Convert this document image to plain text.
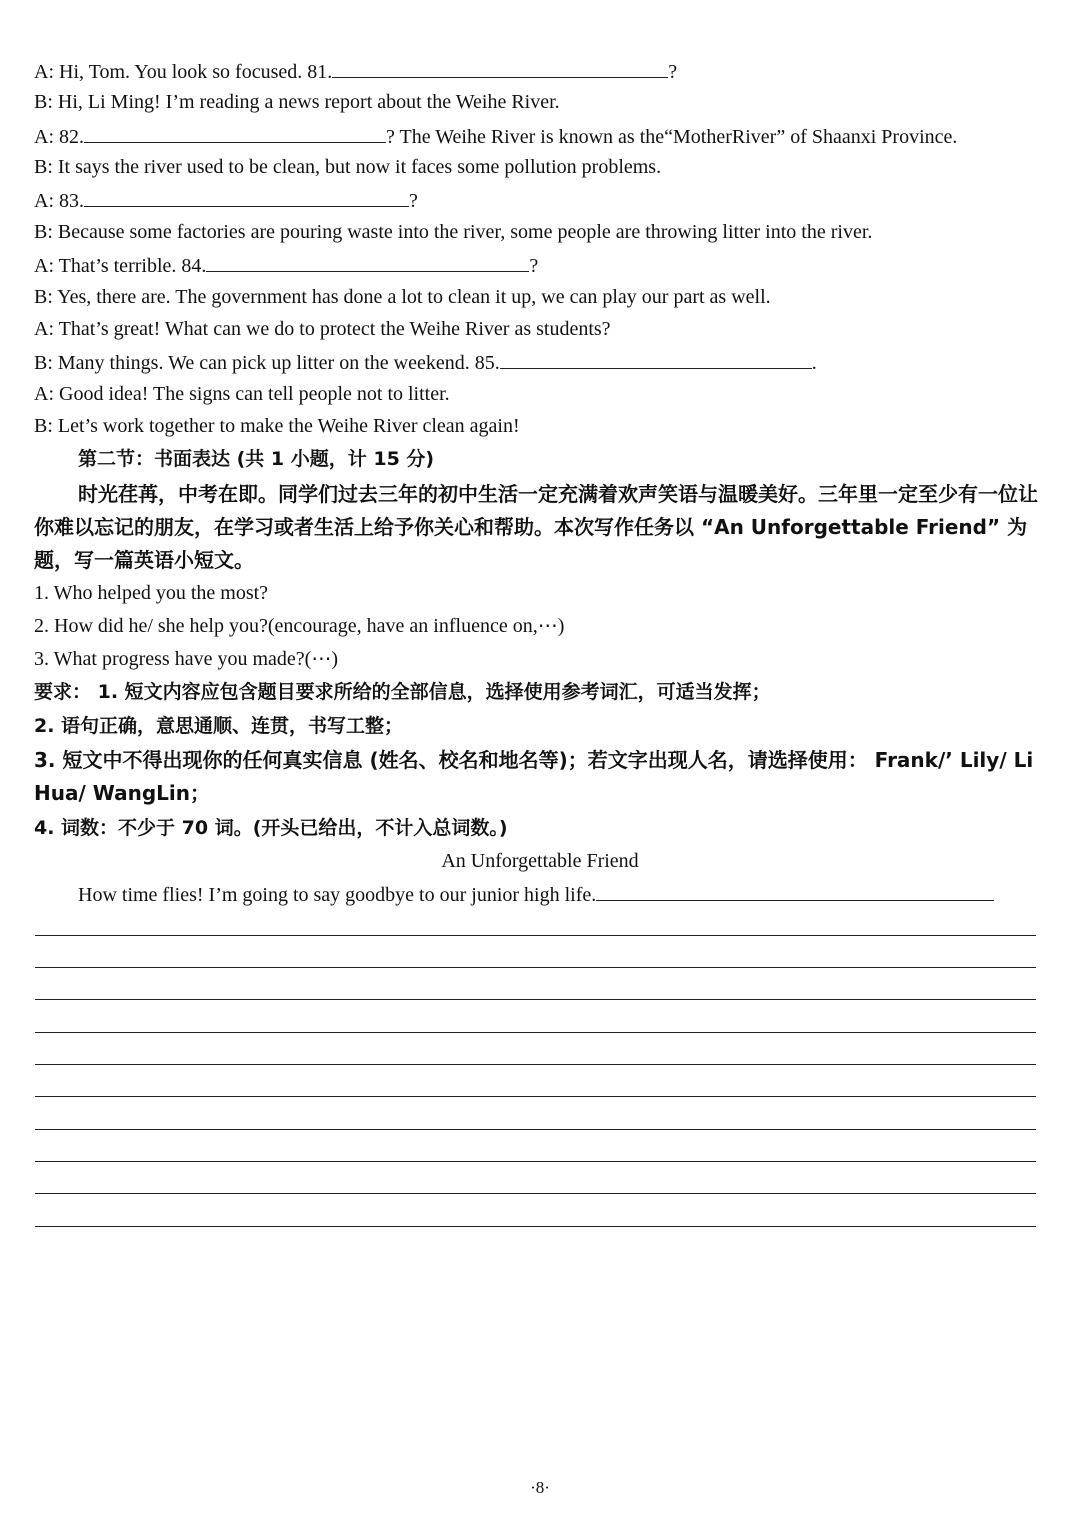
A: Hi, Tom. You look so focused. 81.	?
B: Hi, Li Ming! I’m reading a news report about the Weihe River.
A: 82.	? The Weihe River is known as the“MotherRiver” of Shaanxi Province.
B: It says the river used to be clean, but now it faces some pollution problems.
A: 83.	?
B: Because some factories are pouring waste into the river, some people are throwing litter into the river.
A: That’s terrible. 84.	?
B: Yes, there are. The government has done a lot to clean it up, we can play our part as well.
A: That’s great! What can we do to protect the Weihe River as students?
B: Many things. We can pick up litter on the weekend. 85.	.
A: Good idea! The signs can tell people not to litter.
B: Let’s work together to make the Weihe River clean again!
第二节：书面表达 (共 1 小题，计 15 分)
时光荏苒，中考在即。同学们过去三年的初中生活一定充满着欢声笑语与温暖美好。三年里一定至少有一位让你难以忘记的朋友，在学习或者生活上给予你关心和帮助。本次写作任务以 “An Unforgettable Friend” 为题，写一篇英语小短文。
1. Who helped you the most?
2. How did he/ she help you?(encourage, have an influence on,⋯)
3. What progress have you made?(⋯)
要求： 1. 短文内容应包含题目要求所给的全部信息，选择使用参考词汇，可适当发挥；
2. 语句正确，意思通顺、连贯，书写工整；
3. 短文中不得出现你的任何真实信息 (姓名、校名和地名等)；若文字出现人名，请选择使用： Frank/’ Lily/ Li Hua/ WangLin；
4. 词数：不少于 70 词。(开头已给出，不计入总词数。)
An Unforgettable Friend
How time flies! I’m going to say goodbye to our junior high life.
·8·
